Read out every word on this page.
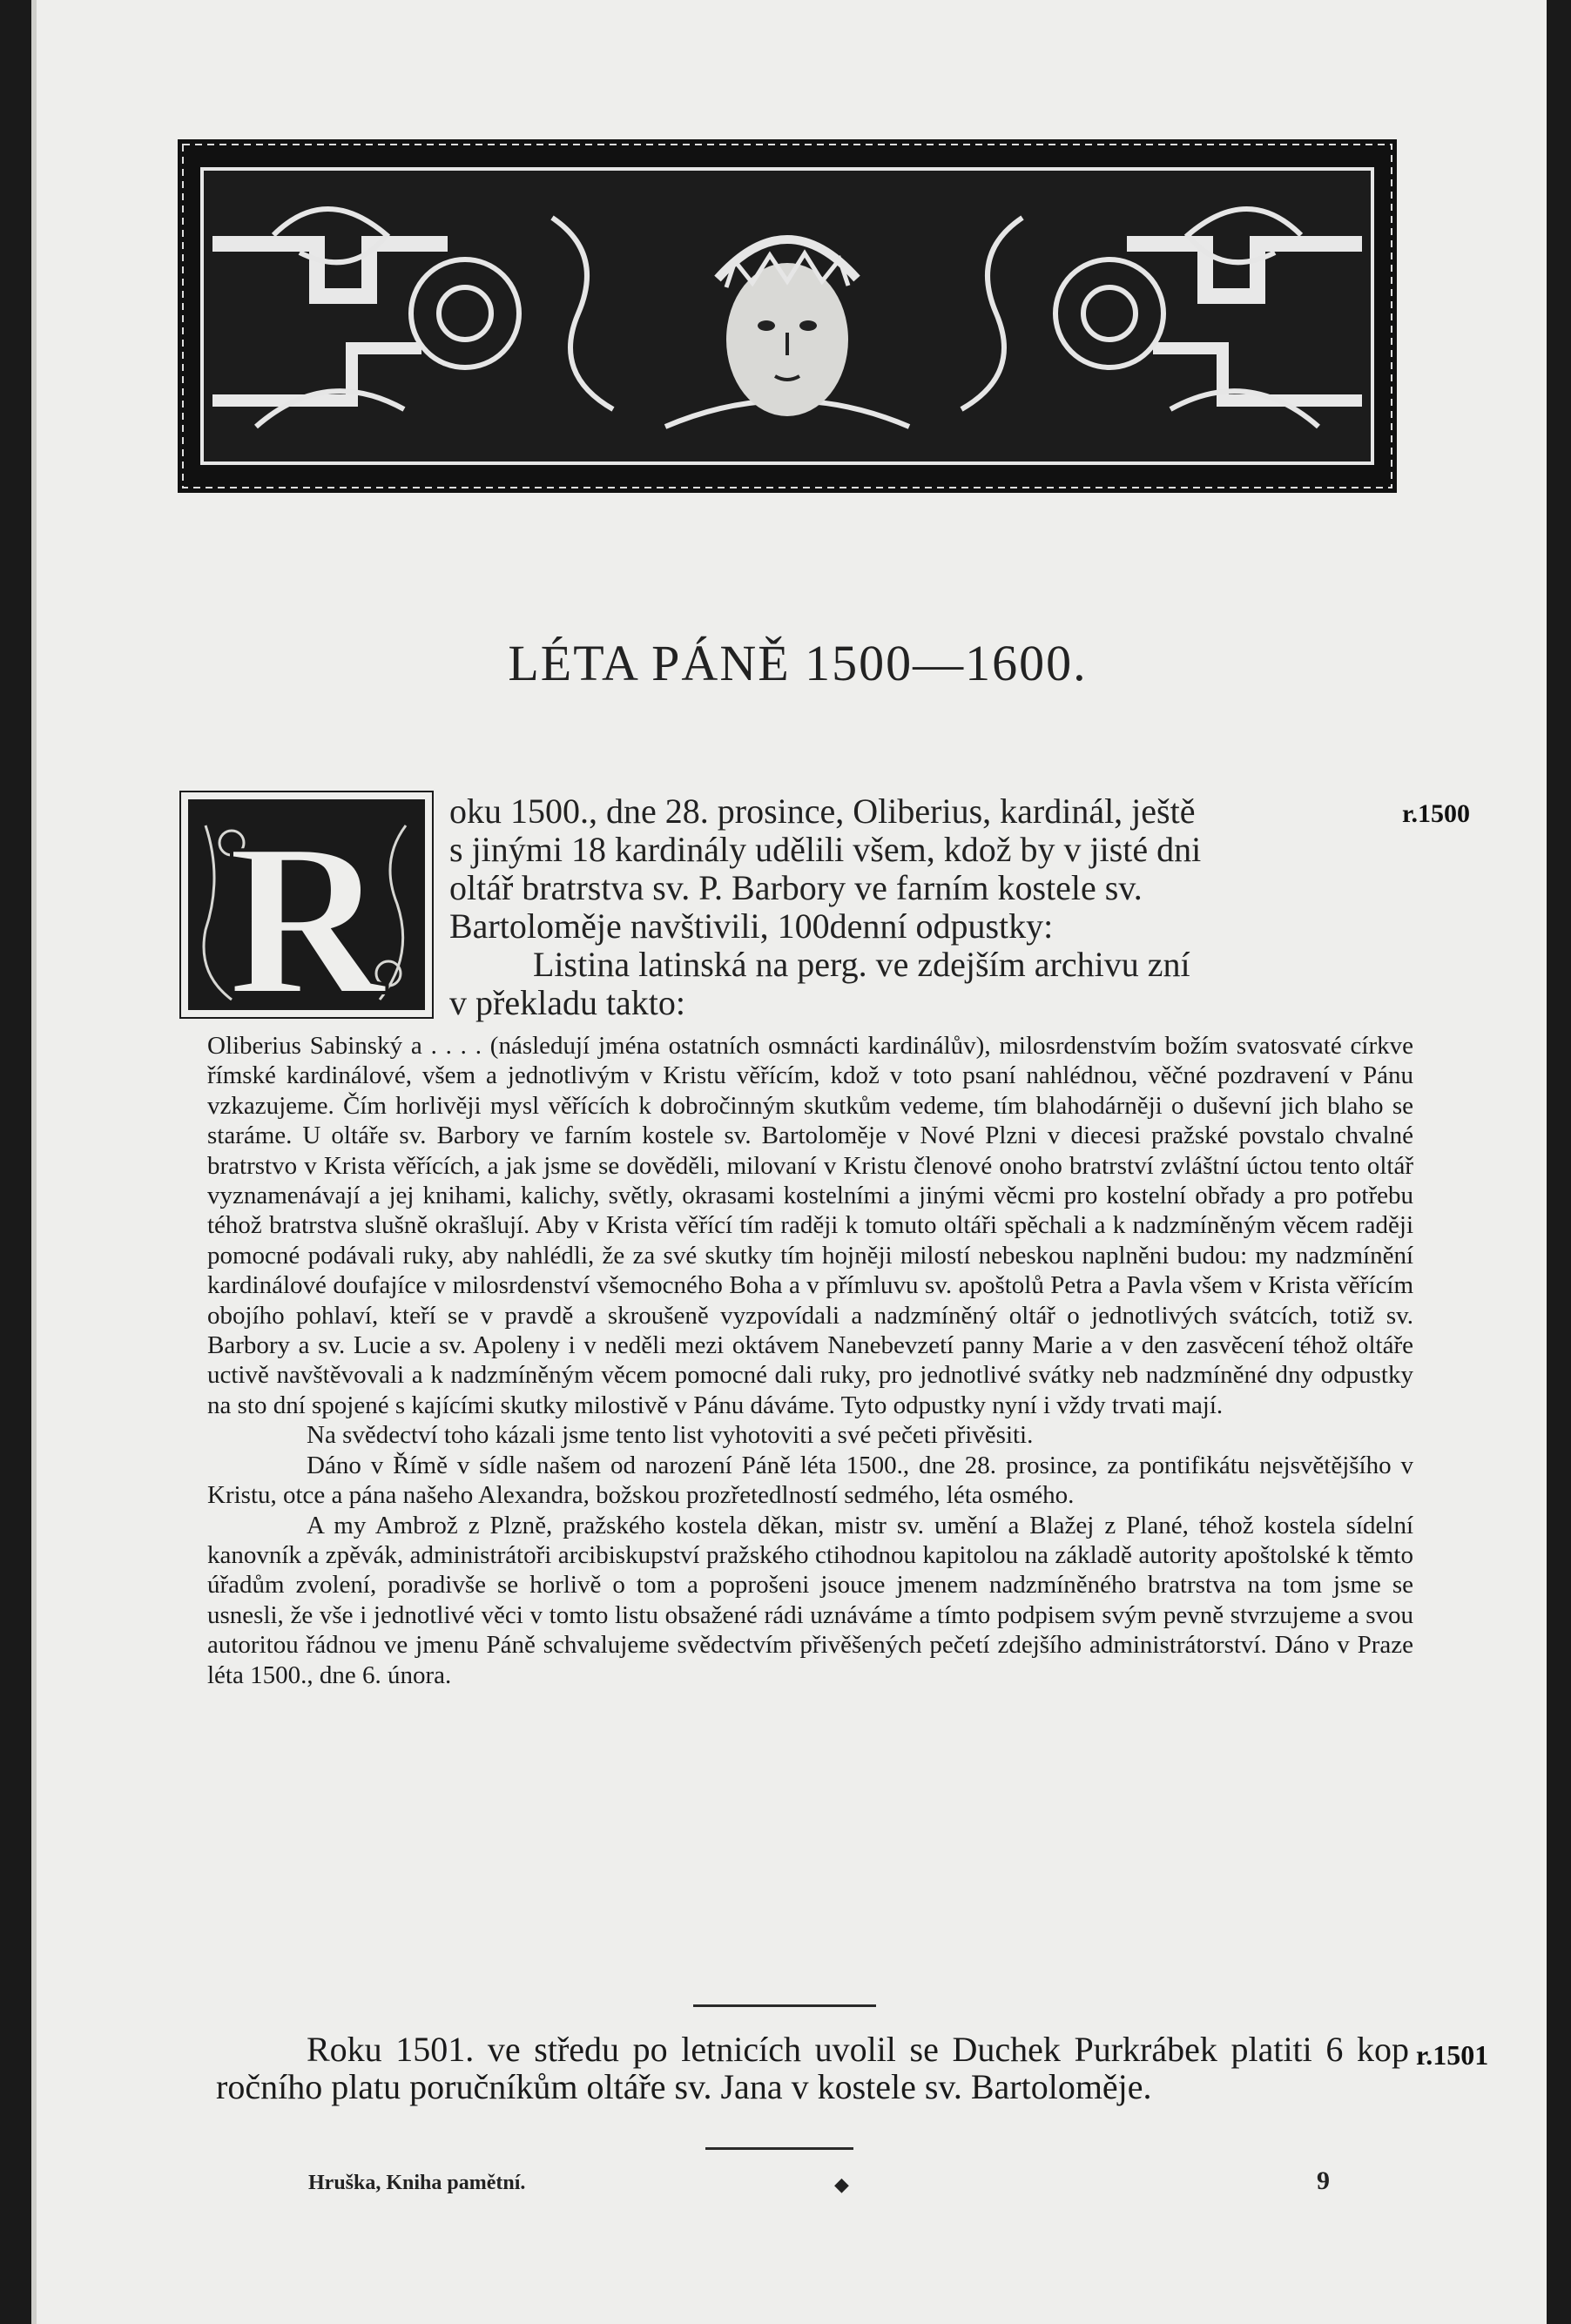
LÉTA PÁNĚ 1500—1600.
R oku 1500., dne 28. prosince, Oliberius, kardinál, ještě
s jinými 18 kardinály udělili všem, kdož by v jisté dni
oltář bratrstva sv. P. Barbory ve farním kostele sv.
Bartoloměje navštivili, 100denní odpustky:
Listina latinská na perg. ve zdejším archivu zní
v překladu takto:
r.1500

Oliberius Sabinský a . . . . (následují jména ostatních osmnácti kardinálův), milosrdenstvím božím svatosvaté církve římské kardinálové, všem a jednotlivým v Kristu věřícím, kdož v toto psaní nahlédnou, věčné pozdravení v Pánu vzkazujeme. Čím horlivěji mysl věřících k dobročinným skutkům vedeme, tím blahodárněji o duševní jich blaho se staráme. U oltáře sv. Barbory ve farním kostele sv. Bartoloměje v Nové Plzni v diecesi pražské povstalo chvalné bratrstvo v Krista věřících, a jak jsme se dověděli, milovaní v Kristu členové onoho bratrství zvláštní úctou tento oltář vyznamenávají a jej knihami, kalichy, světly, okrasami kostelními a jinými věcmi pro kostelní obřady a pro potřebu téhož bratrstva slušně okrašlují. Aby v Krista věřící tím raději k tomuto oltáři spěchali a k nadzmíněným věcem raději pomocné podávali ruky, aby nahlédli, že za své skutky tím hojněji milostí nebeskou naplněni budou: my nadzmínění kardinálové doufajíce v milosrdenství všemocného Boha a v přímluvu sv. apoštolů Petra a Pavla všem v Krista věřícím obojího pohlaví, kteří se v pravdě a skroušeně vyzpovídali a nadzmíněný oltář o jednotlivých svátcích, totiž sv. Barbory a sv. Lucie a sv. Apoleny i v neděli mezi oktávem Nanebevzetí panny Marie a v den zasvěcení téhož oltáře uctivě navštěvovali a k nadzmíněným věcem pomocné dali ruky, pro jednotlivé svátky neb nadzmíněné dny odpustky na sto dní spojené s kajícími skutky milostivě v Pánu dáváme. Tyto odpustky nyní i vždy trvati mají.

Na svědectví toho kázali jsme tento list vyhotoviti a své pečeti přivěsiti.

Dáno v Římě v sídle našem od narození Páně léta 1500., dne 28. prosince, za pontifikátu nejsvětějšího v Kristu, otce a pána našeho Alexandra, božskou prozřetedlností sedmého, léta osmého.

A my Ambrož z Plzně, pražského kostela děkan, mistr sv. umění a Blažej z Plané, téhož kostela sídelní kanovník a zpěvák, administrátoři arcibiskupství pražského ctihodnou kapitolou na základě autority apoštolské k těmto úřadům zvolení, poradivše se horlivě o tom a poprošeni jsouce jmenem nadzmíněného bratrstva na tom jsme se usnesli, že vše i jednotlivé věci v tomto listu obsažené rádi uznáváme a tímto podpisem svým pevně stvrzujeme a svou autoritou řádnou ve jmenu Páně schvalujeme svědectvím přivěšených pečetí zdejšího administrátorství. Dáno v Praze léta 1500., dne 6. února.

Roku 1501. ve středu po letnicích uvolil se Duchek Purkrábek platiti 6 kop ročního platu poručníkům oltáře sv. Jana v kostele sv. Bartoloměje.

r.1501
Hruška, Kniha pamětní.	◆	9
